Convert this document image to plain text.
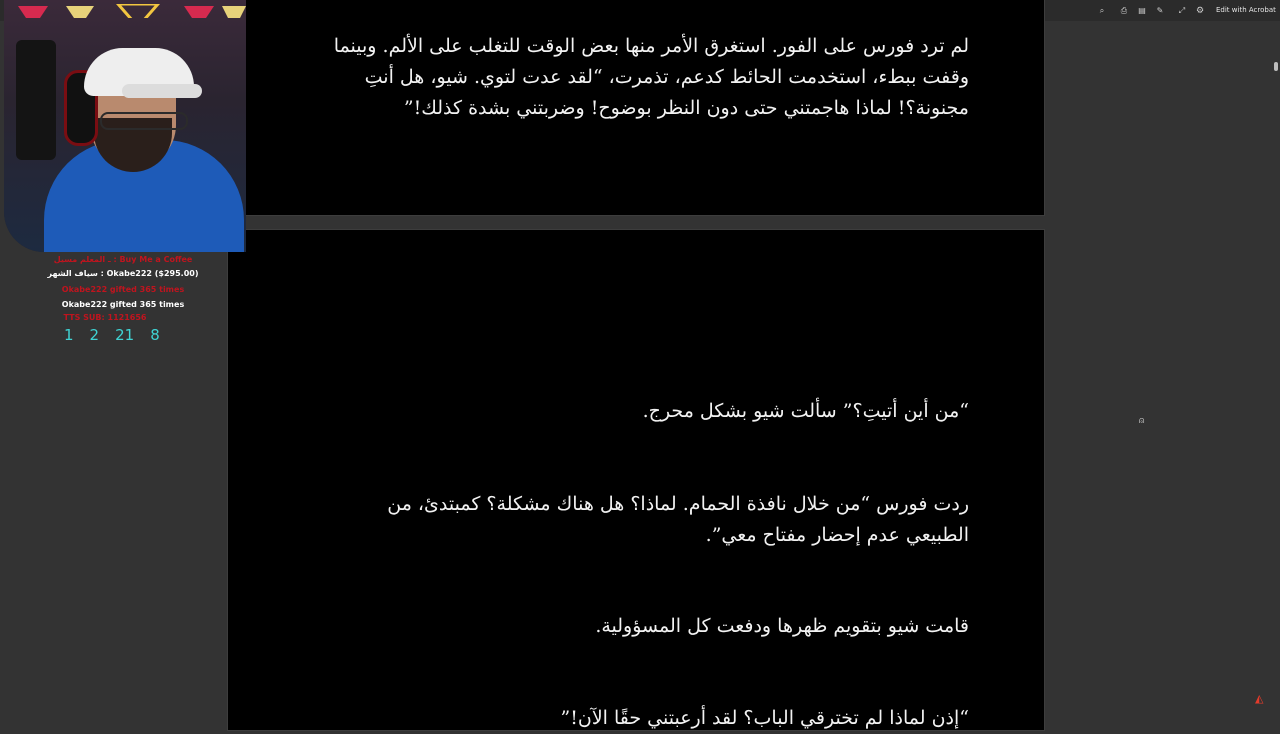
⌕	⎙	▤	✎	⤢	⚙ Edit with Acrobat
لم ترد فورس على الفور. استغرق الأمر منها بعض الوقت للتغلب على الألم. وبينما وقفت ببطء، استخدمت الحائط كدعم، تذمرت، “لقد عدت لتوي. شيو، هل أنتِ مجنونة؟! لماذا هاجمتني حتى دون النظر بوضوح! وضربتني بشدة كذلك!”
“من أين أتيتِ؟” سألت شيو بشكل محرج.
ردت فورس “من خلال نافذة الحمام. لماذا؟ هل هناك مشكلة؟ كمبتدئ، من الطبيعي عدم إحضار مفتاح معي”.
قامت شيو بتقويم ظهرها ودفعت كل المسؤولية.
“إذن لماذا لم تخترقي الباب؟ لقد أرعبتني حقًا الآن!”
⍝
◭
ـ المعلم مسيل : Buy Me a Coffee
سياف الشهر : Okabe222 ($295.00)
Okabe222 gifted 365 times
Okabe222 gifted 365 times
TTS SUB: 1121656
1 2 21 8
